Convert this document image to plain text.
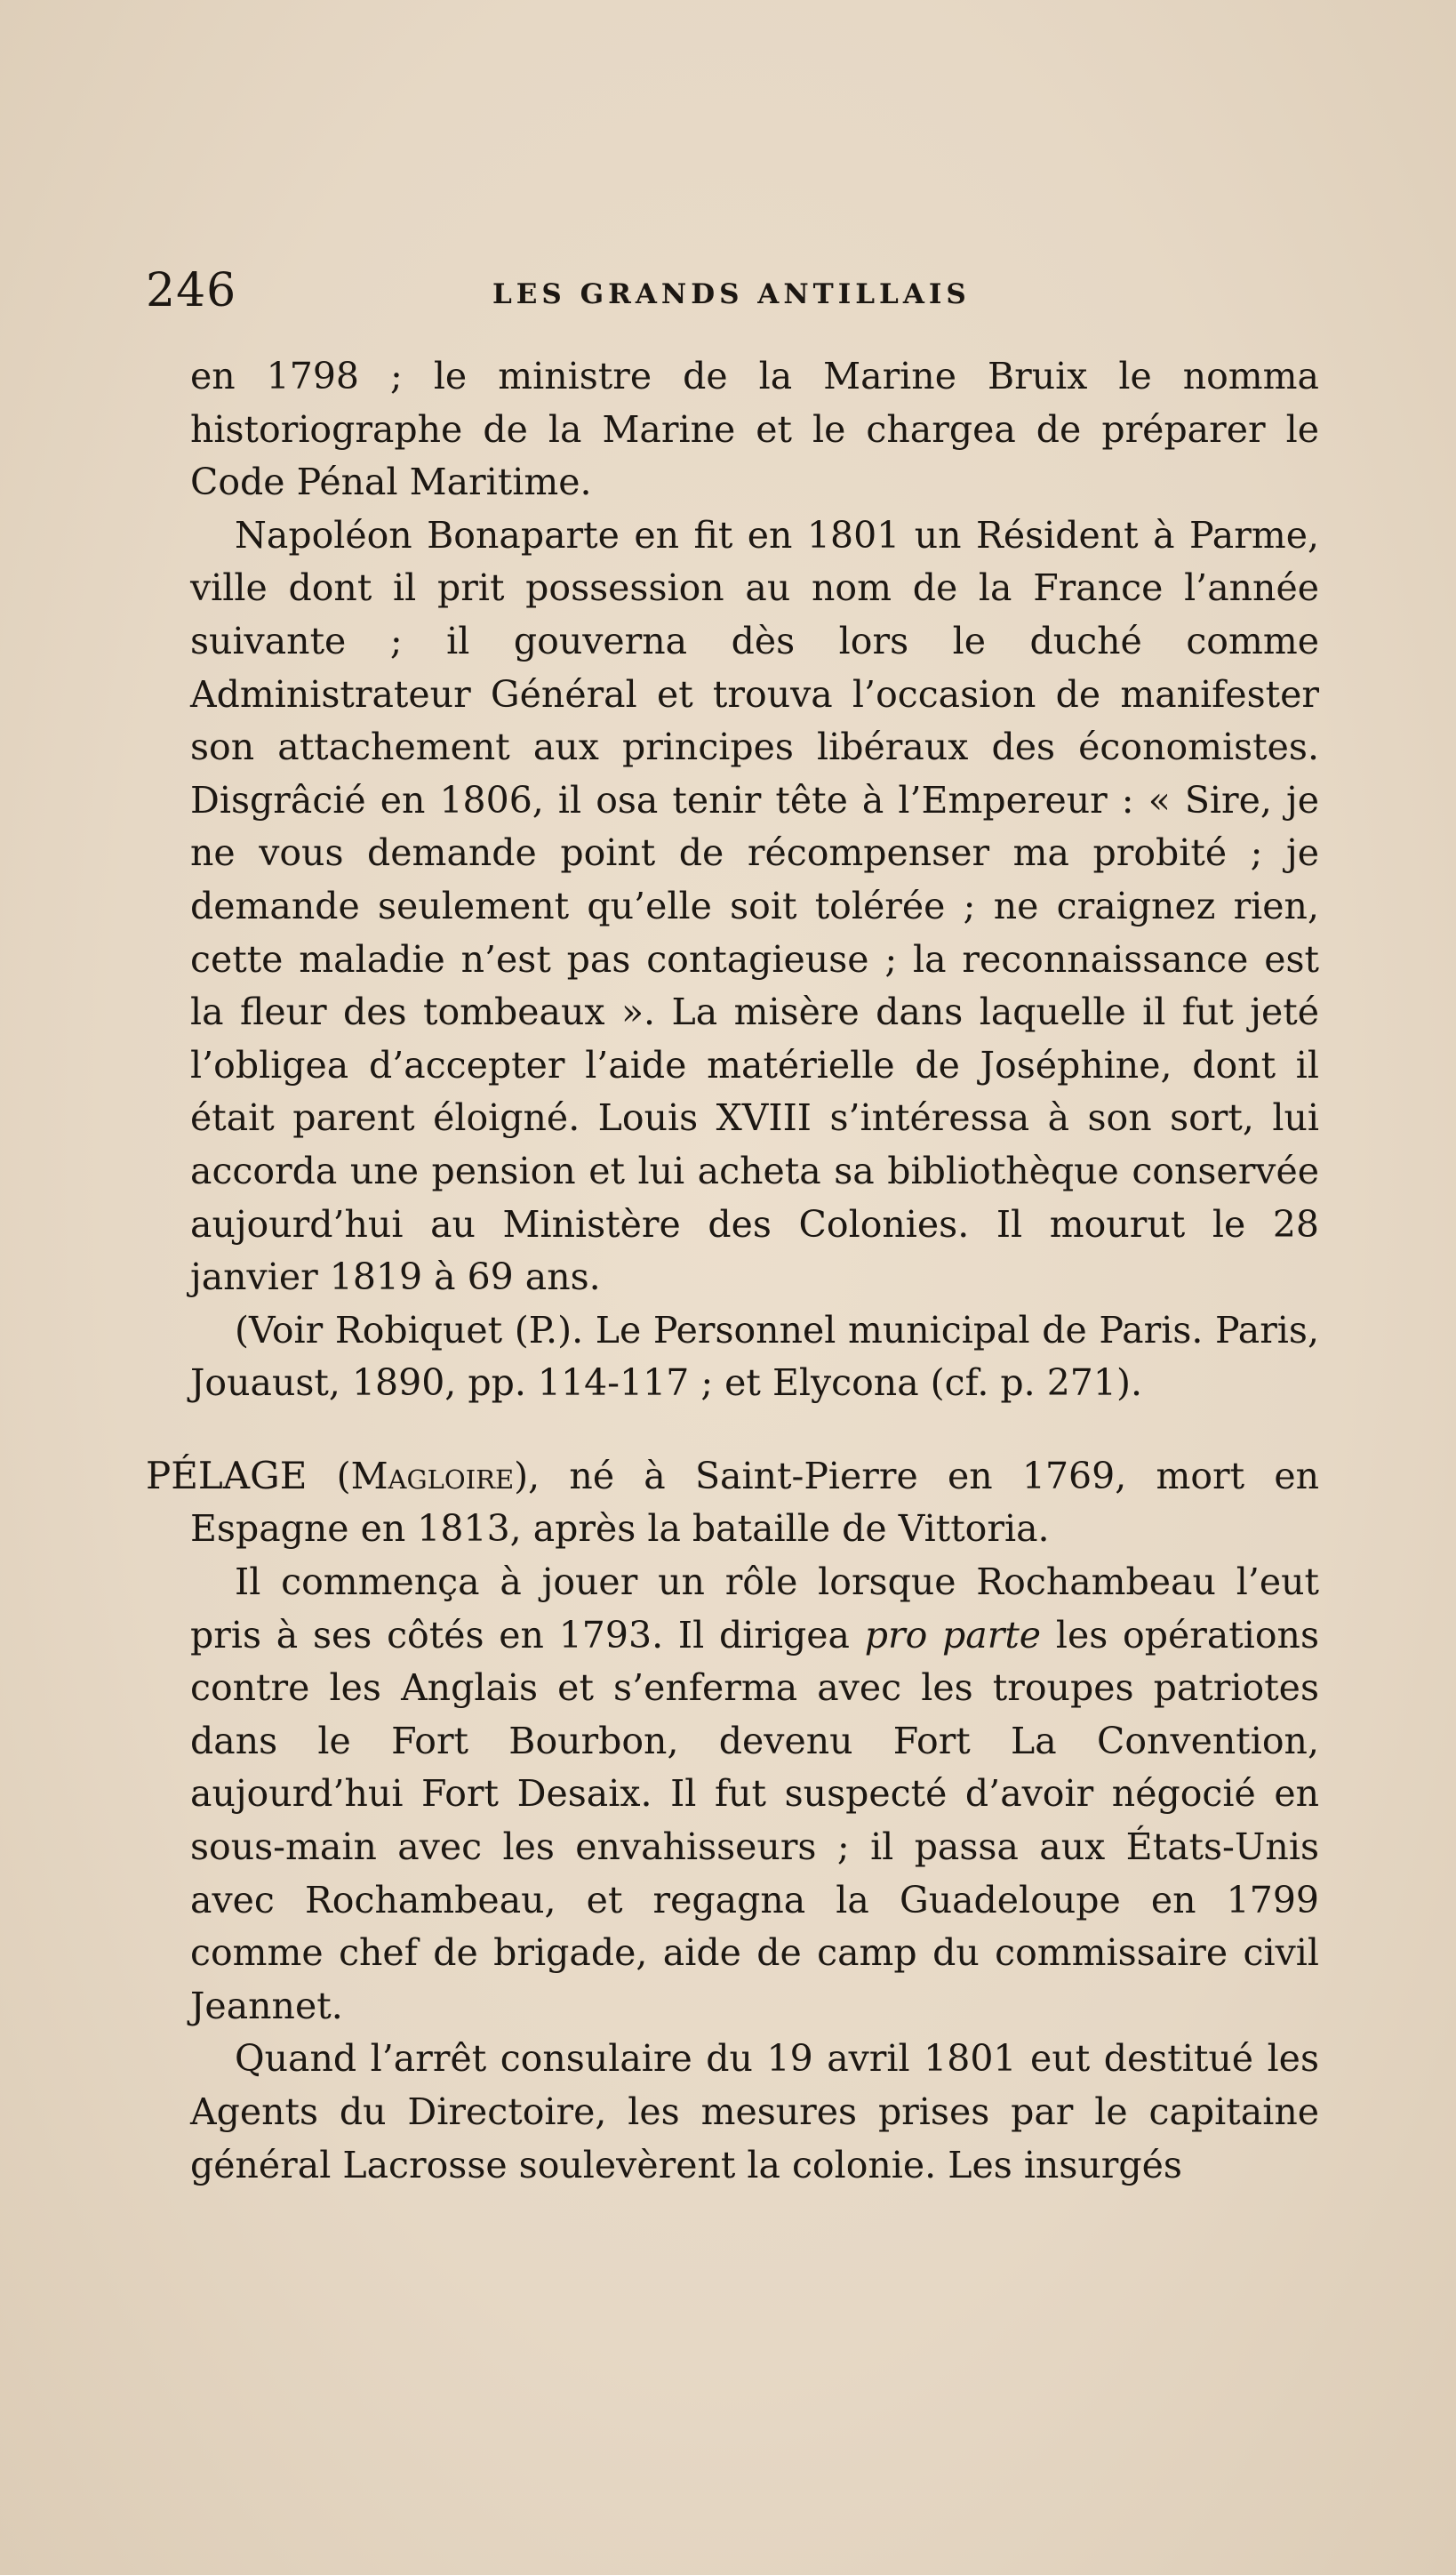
246	LES GRANDS ANTILLAIS

en 1798 ; le ministre de la Marine Bruix le nomma historiographe de la Marine et le chargea de préparer le Code Pénal Maritime.

Napoléon Bonaparte en fit en 1801 un Résident à Parme, ville dont il prit possession au nom de la France l’année suivante ; il gouverna dès lors le duché comme Administrateur Général et trouva l’occasion de manifester son attachement aux principes libéraux des économistes. Disgrâcié en 1806, il osa tenir tête à l’Empereur : « Sire, je ne vous demande point de récompenser ma probité ; je demande seulement qu’elle soit tolérée ; ne craignez rien, cette maladie n’est pas contagieuse ; la reconnaissance est la fleur des tombeaux ». La misère dans laquelle il fut jeté l’obligea d’accepter l’aide matérielle de Joséphine, dont il était parent éloigné. Louis XVIII s’intéressa à son sort, lui accorda une pension et lui acheta sa bibliothèque conservée aujourd’hui au Ministère des Colonies. Il mourut le 28 janvier 1819 à 69 ans.

(Voir Robiquet (P.). Le Personnel municipal de Paris. Paris, Jouaust, 1890, pp. 114-117 ; et Elycona (cf. p. 271).

PÉLAGE (Magloire), né à Saint-Pierre en 1769, mort en Espagne en 1813, après la bataille de Vittoria.

Il commença à jouer un rôle lorsque Rochambeau l’eut pris à ses côtés en 1793. Il dirigea pro parte les opérations contre les Anglais et s’enferma avec les troupes patriotes dans le Fort Bourbon, devenu Fort La Convention, aujourd’hui Fort Desaix. Il fut suspecté d’avoir négocié en sous-main avec les envahisseurs ; il passa aux États-Unis avec Rochambeau, et regagna la Guadeloupe en 1799 comme chef de brigade, aide de camp du commissaire civil Jeannet.

Quand l’arrêt consulaire du 19 avril 1801 eut destitué les Agents du Directoire, les mesures prises par le capitaine général Lacrosse soulevèrent la colonie. Les insurgés
